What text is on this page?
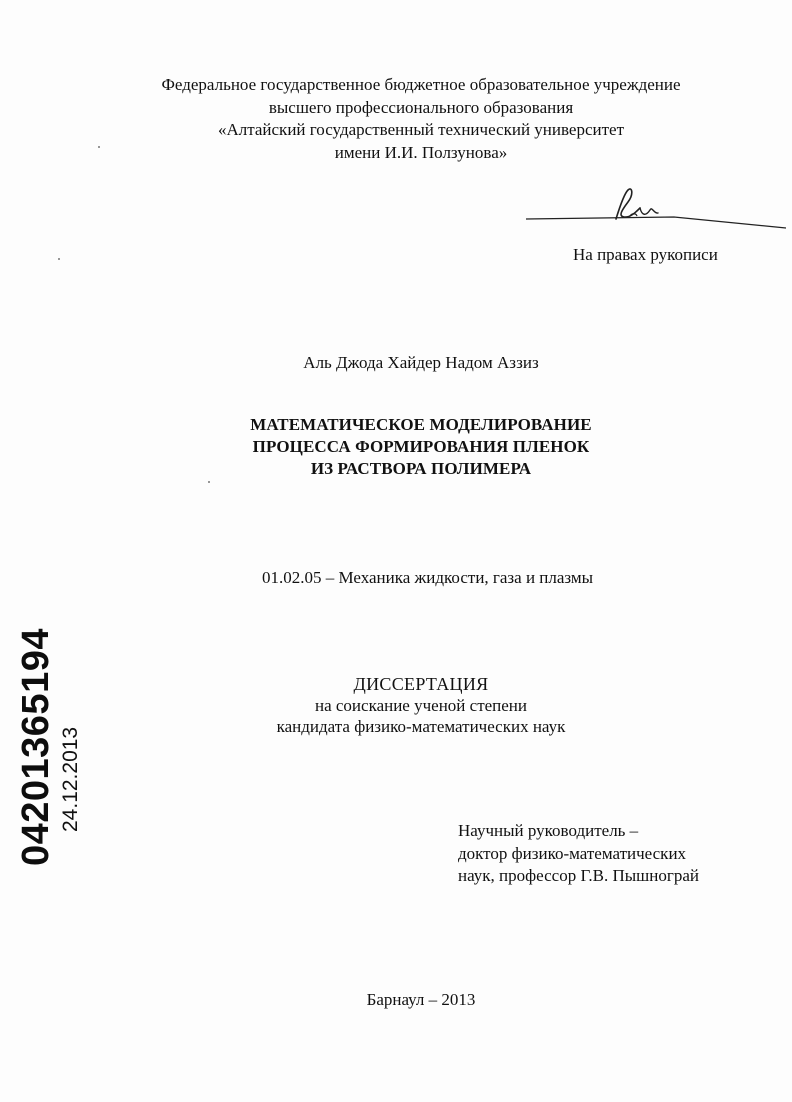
Федеральное государственное бюджетное образовательное учреждение
высшего профессионального образования
«Алтайский государственный технический университет
имени И.И. Ползунова»
На правах рукописи
Аль Джода Хайдер Надом Аззиз
МАТЕМАТИЧЕСКОЕ МОДЕЛИРОВАНИЕ
ПРОЦЕССА ФОРМИРОВАНИЯ ПЛЕНОК
ИЗ РАСТВОРА ПОЛИМЕРА
01.02.05 – Механика жидкости, газа и плазмы
ДИССЕРТАЦИЯ
на соискание ученой степени
кандидата физико-математических наук
Научный руководитель –
доктор физико-математических
наук, профессор Г.В. Пышнограй
Барнаул – 2013
04201365194 24.12.2013
